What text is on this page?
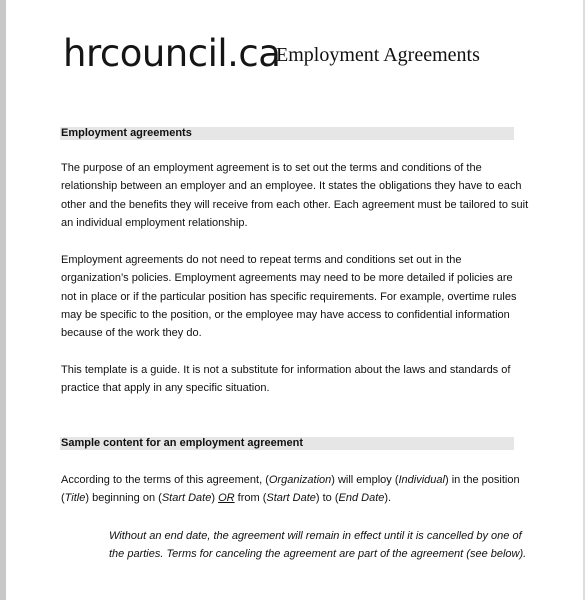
hrcouncil.ca
Employment Agreements
Employment agreements

The purpose of an employment agreement is to set out the terms and conditions of the
relationship between an employer and an employee. It states the obligations they have to each
other and the benefits they will receive from each other. Each agreement must be tailored to suit
an individual employment relationship.

Employment agreements do not need to repeat terms and conditions set out in the
organization’s policies. Employment agreements may need to be more detailed if policies are
not in place or if the particular position has specific requirements. For example, overtime rules
may be specific to the position, or the employee may have access to confidential information
because of the work they do.

This template is a guide. It is not a substitute for information about the laws and standards of
practice that apply in any specific situation.

Sample content for an employment agreement

According to the terms of this agreement, (Organization) will employ (Individual) in the position
(Title) beginning on (Start Date) OR from (Start Date) to (End Date).

Without an end date, the agreement will remain in effect until it is cancelled by one of
the parties. Terms for canceling the agreement are part of the agreement (see below).
